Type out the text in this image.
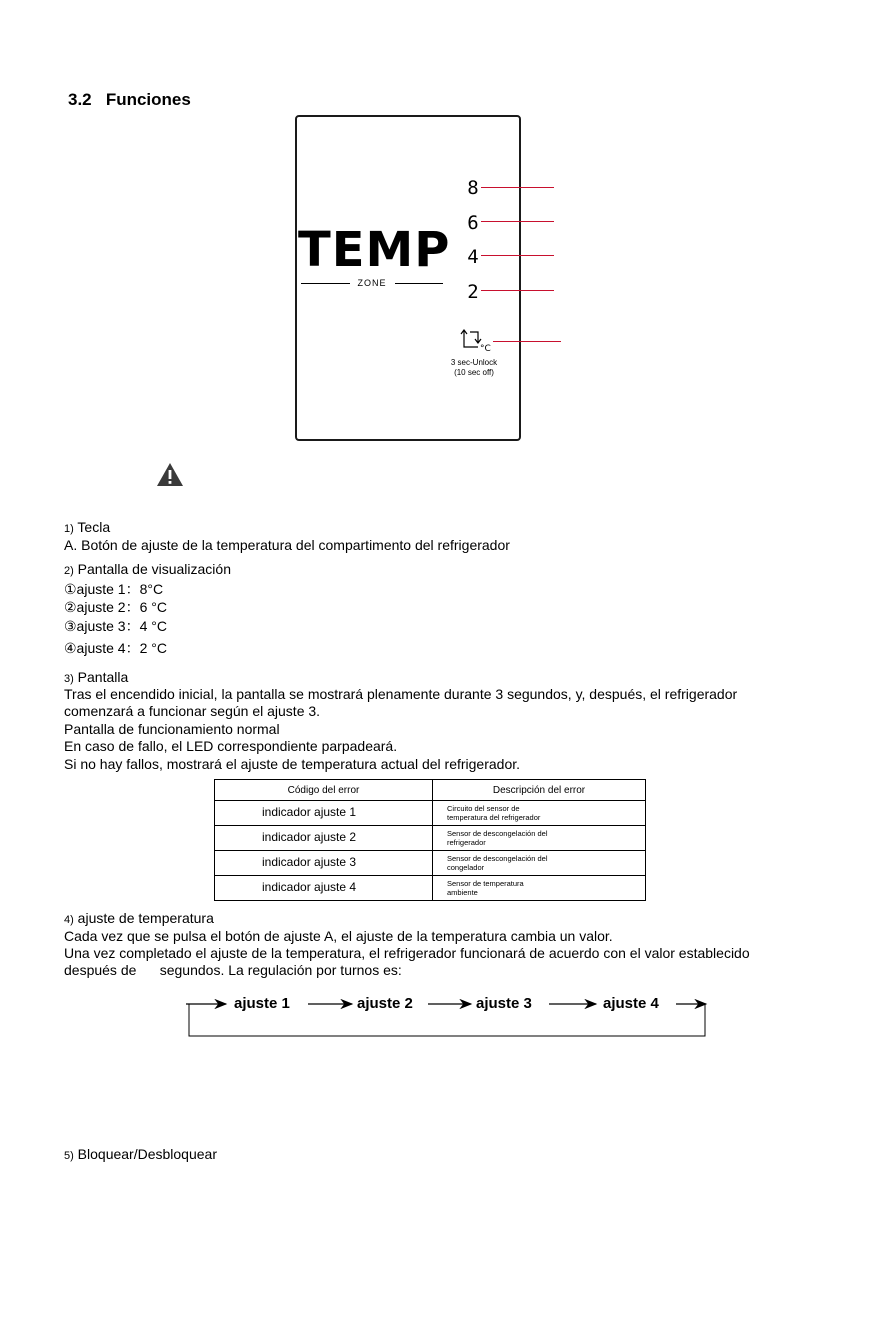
3.2 Funciones
TEMP
ZONE
8
6
4
2
°C
3 sec-Unlock
(10 sec off)
1) Tecla
A. Botón de ajuste de la temperatura del compartimento del refrigerador
2) Pantalla de visualización
①ajuste 1：8°C
②ajuste 2：6 °C
③ajuste 3：4 °C
④ajuste 4：2 °C
3) Pantalla
Tras el encendido inicial, la pantalla se mostrará plenamente durante 3 segundos, y, después, el refrigerador
comenzará a funcionar según el ajuste 3.
Pantalla de funcionamiento normal
En caso de fallo, el LED correspondiente parpadeará.
Si no hay fallos, mostrará el ajuste de temperatura actual del refrigerador.
Código del error	Descripción del error
indicador ajuste 1	Circuito del sensor de
temperatura del refrigerador

indicador ajuste 2	Sensor de descongelación del
refrigerador

indicador ajuste 3	Sensor de descongelación del
congelador

indicador ajuste 4	Sensor de temperatura
ambiente
4) ajuste de temperatura
Cada vez que se pulsa el botón de ajuste A, el ajuste de la temperatura cambia un valor.
Una vez completado el ajuste de la temperatura, el refrigerador funcionará de acuerdo con el valor establecido
después de      segundos. La regulación por turnos es:
ajuste 1	ajuste 2	ajuste 3	ajuste 4
5) Bloquear/Desbloquear
